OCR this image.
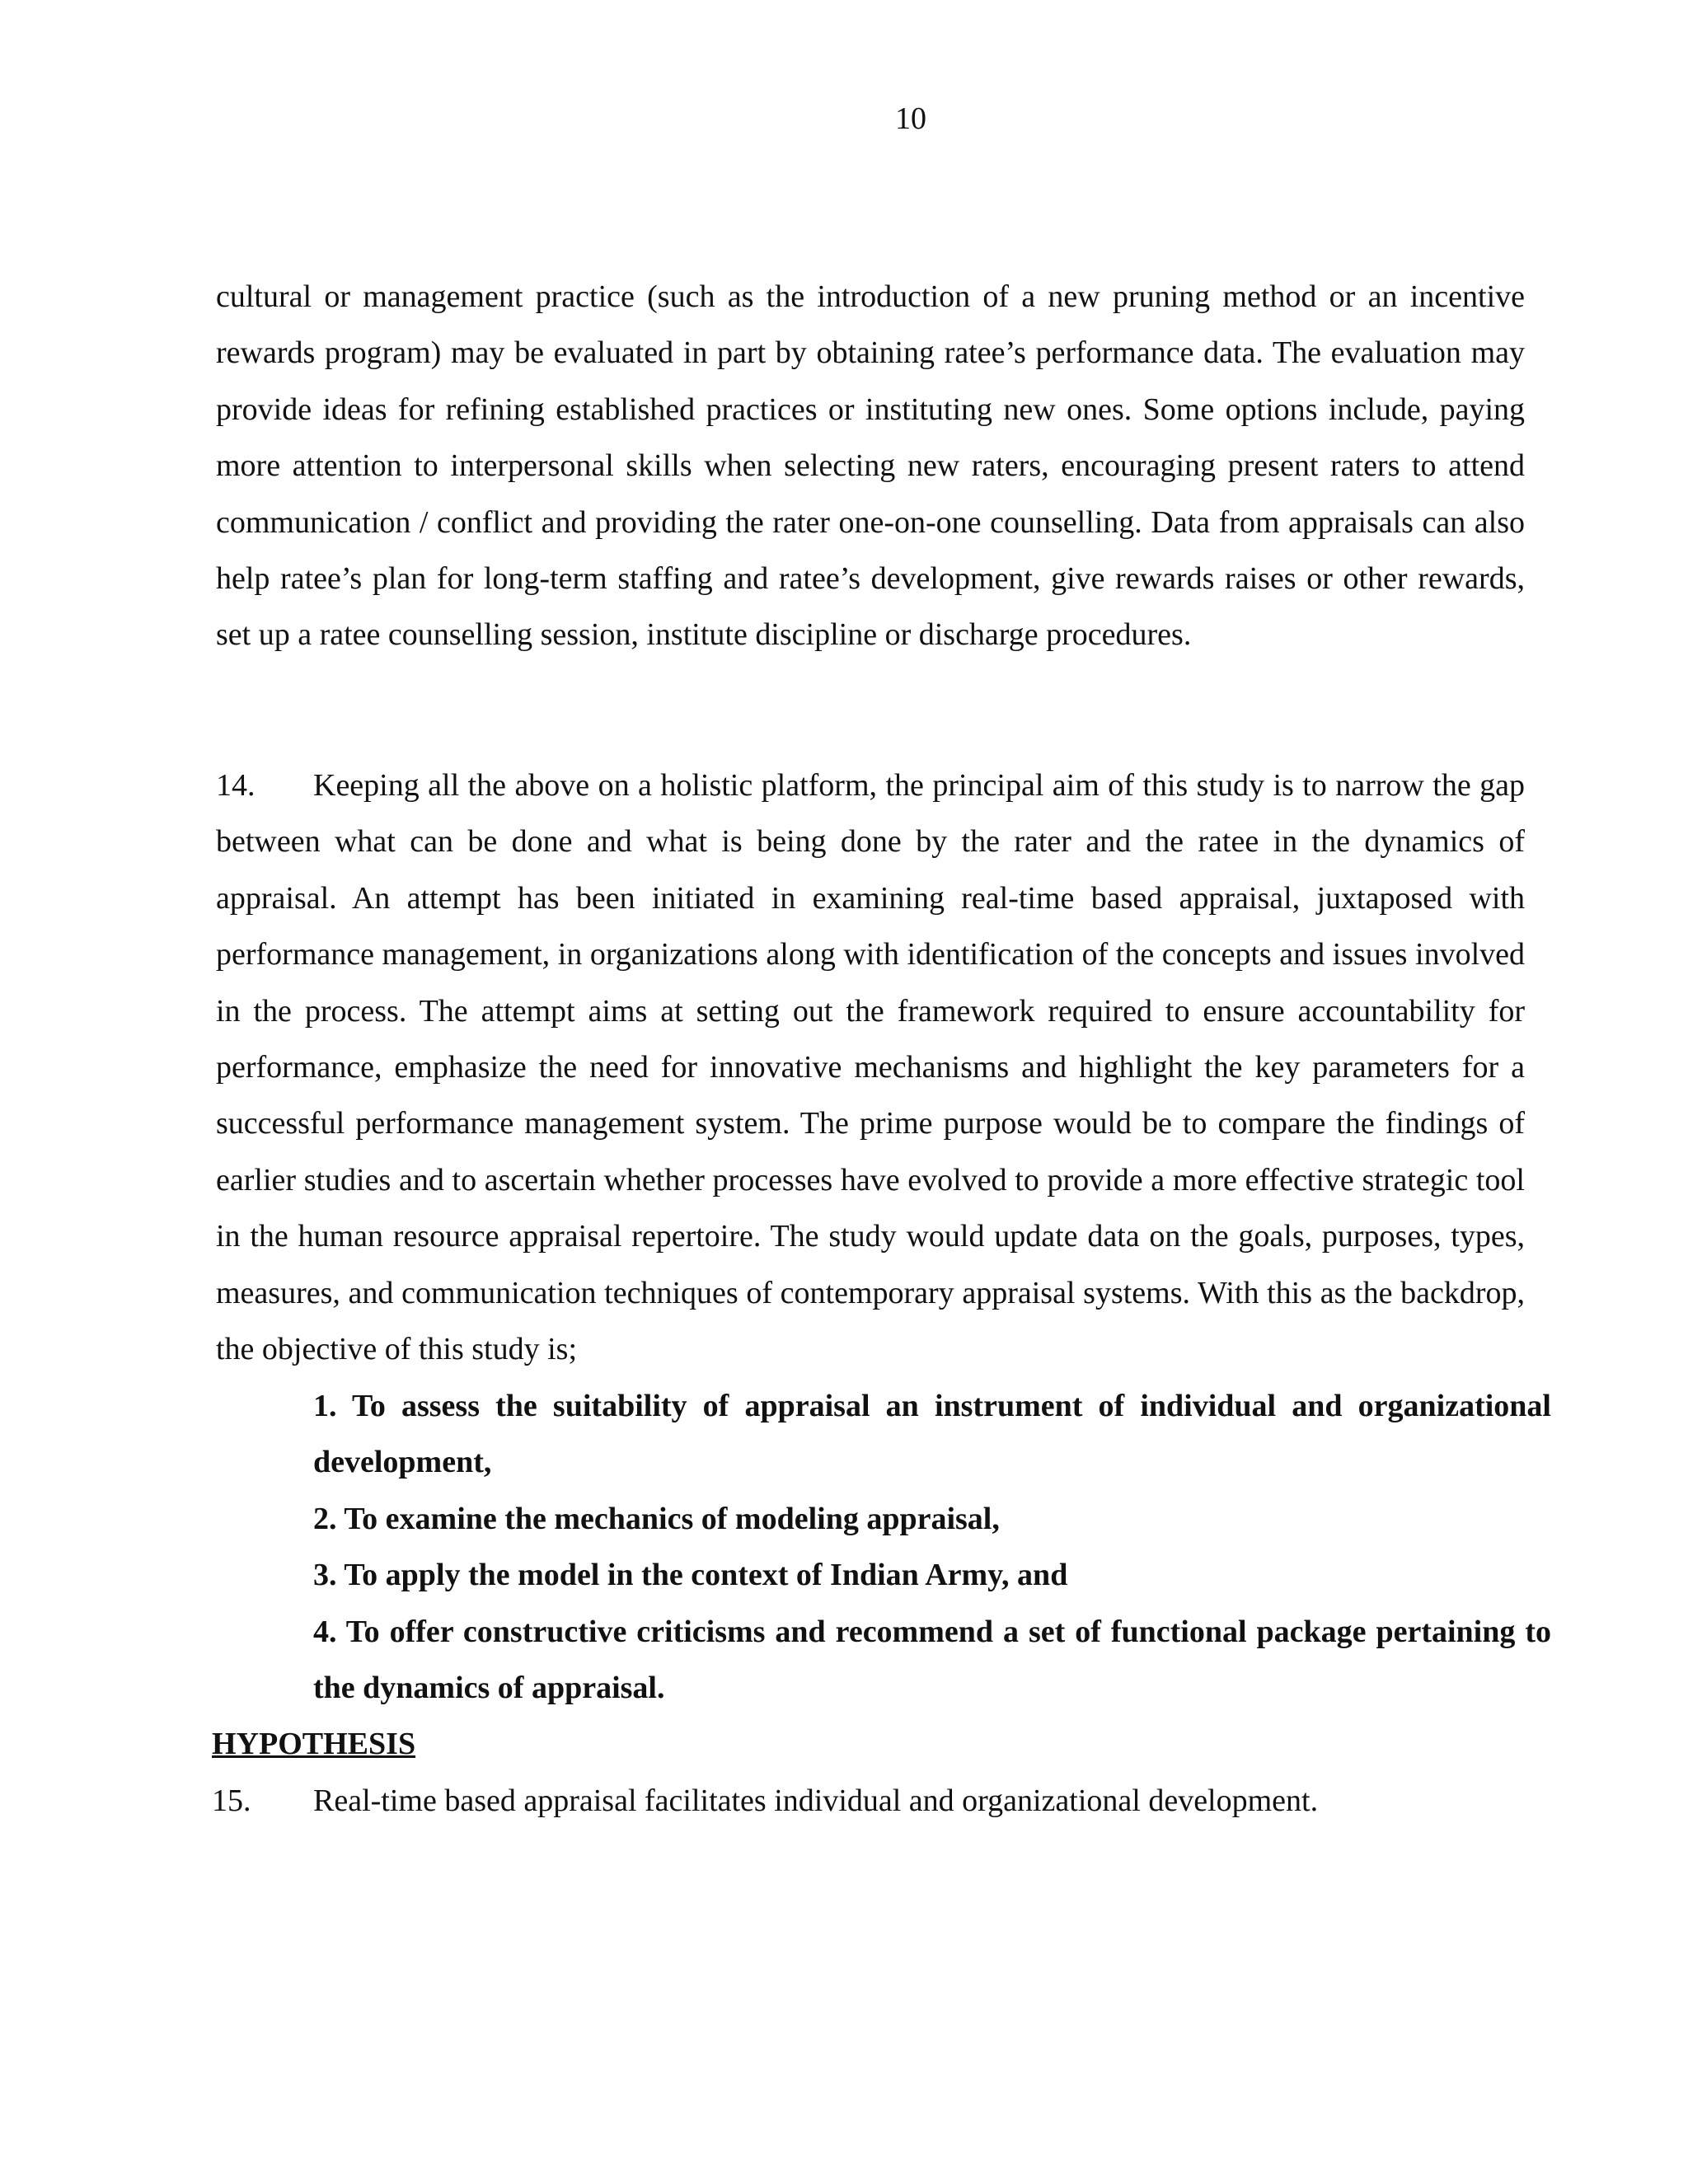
10

cultural or management practice (such as the introduction of a new pruning method or an incentive rewards program) may be evaluated in part by obtaining ratee’s performance data. The evaluation may provide ideas for refining established practices or instituting new ones. Some options include, paying more attention to interpersonal skills when selecting new raters, encouraging present raters to attend communication / conflict and providing the rater one-on-one counselling. Data from appraisals can also help ratee’s plan for long-term staffing and ratee’s development, give rewards raises or other rewards, set up a ratee counselling session, institute discipline or discharge procedures.

14. Keeping all the above on a holistic platform, the principal aim of this study is to narrow the gap between what can be done and what is being done by the rater and the ratee in the dynamics of appraisal. An attempt has been initiated in examining real-time based appraisal, juxtaposed with performance management, in organizations along with identification of the concepts and issues involved in the process. The attempt aims at setting out the framework required to ensure accountability for performance, emphasize the need for innovative mechanisms and highlight the key parameters for a successful performance management system. The prime purpose would be to compare the findings of earlier studies and to ascertain whether processes have evolved to provide a more effective strategic tool in the human resource appraisal repertoire. The study would update data on the goals, purposes, types, measures, and communication techniques of contemporary appraisal systems. With this as the backdrop, the objective of this study is;

1. To assess the suitability of appraisal an instrument of individual and organizational development,
2. To examine the mechanics of modeling appraisal,
3. To apply the model in the context of Indian Army, and
4. To offer constructive criticisms and recommend a set of functional package pertaining to the dynamics of appraisal.
HYPOTHESIS

15. Real-time based appraisal facilitates individual and organizational development.
